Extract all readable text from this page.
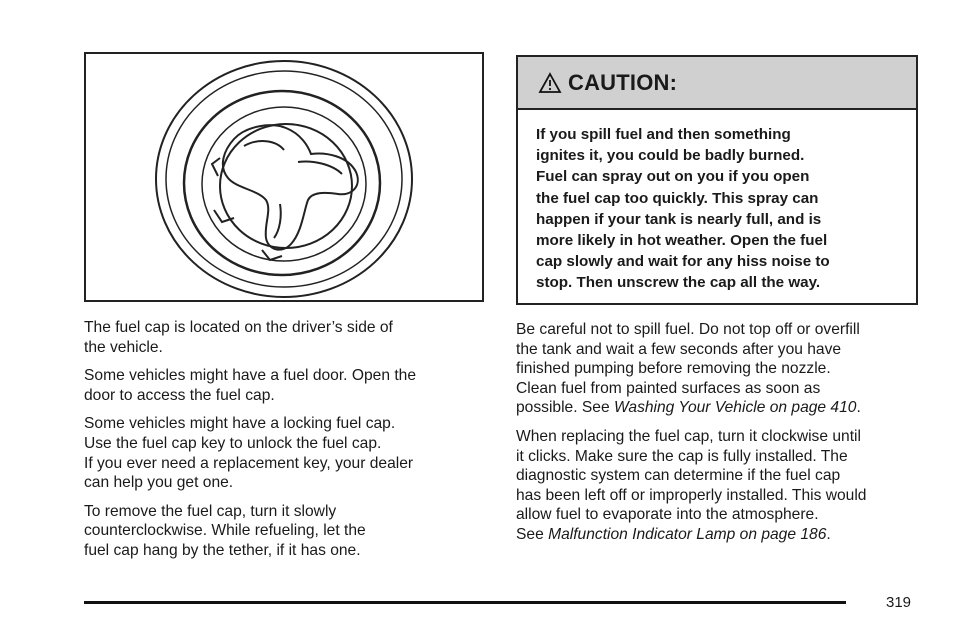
CAUTION:
If you spill fuel and then something
ignites it, you could be badly burned.
Fuel can spray out on you if you open
the fuel cap too quickly. This spray can
happen if your tank is nearly full, and is
more likely in hot weather. Open the fuel
cap slowly and wait for any hiss noise to
stop. Then unscrew the cap all the way.

The fuel cap is located on the driver’s side of
the vehicle.

Some vehicles might have a fuel door. Open the
door to access the fuel cap.

Some vehicles might have a locking fuel cap.
Use the fuel cap key to unlock the fuel cap.
If you ever need a replacement key, your dealer
can help you get one.

To remove the fuel cap, turn it slowly
counterclockwise. While refueling, let the
fuel cap hang by the tether, if it has one.

Be careful not to spill fuel. Do not top off or overfill
the tank and wait a few seconds after you have
finished pumping before removing the nozzle.
Clean fuel from painted surfaces as soon as
possible. See Washing Your Vehicle on page 410.

When replacing the fuel cap, turn it clockwise until
it clicks. Make sure the cap is fully installed. The
diagnostic system can determine if the fuel cap
has been left off or improperly installed. This would
allow fuel to evaporate into the atmosphere.
See Malfunction Indicator Lamp on page 186.

319
